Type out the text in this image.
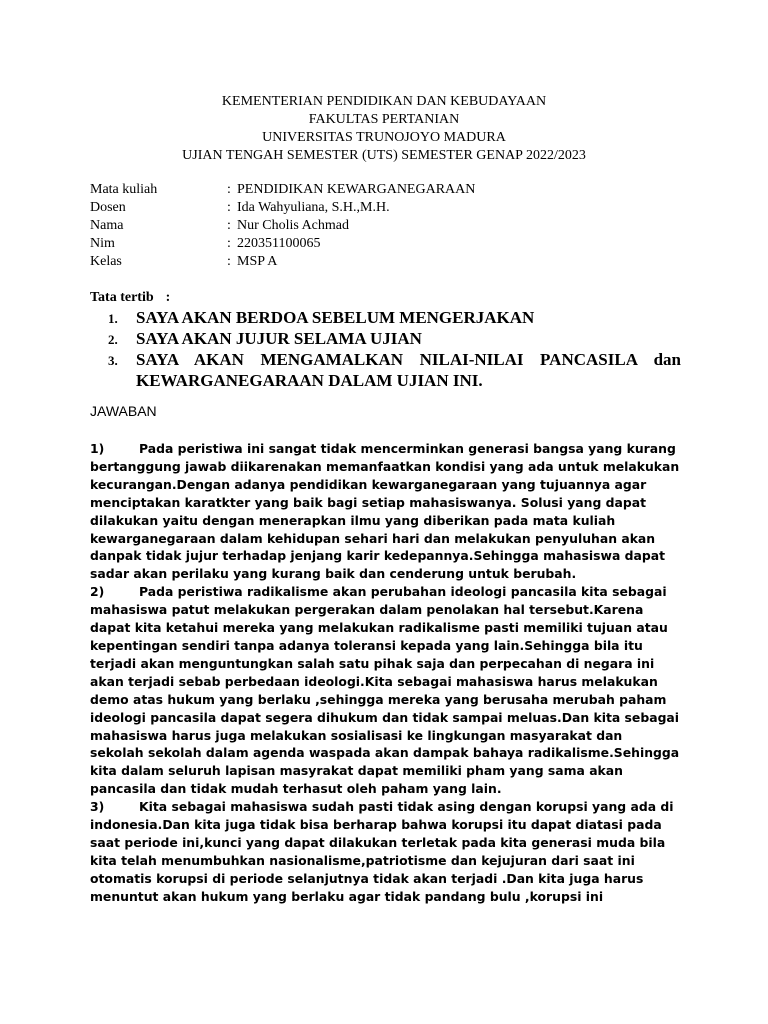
KEMENTERIAN PENDIDIKAN DAN KEBUDAYAAN
FAKULTAS PERTANIAN
UNIVERSITAS TRUNOJOYO MADURA
UJIAN TENGAH SEMESTER (UTS) SEMESTER GENAP 2022/2023
Mata kuliah	: PENDIDIKAN KEWARGANEGARAAN
Dosen	: Ida Wahyuliana, S.H.,M.H.
Nama	: Nur Cholis Achmad
Nim	: 220351100065
Kelas	: MSP A
Tata tertib :
1. SAYA AKAN BERDOA SEBELUM MENGERJAKAN
2. SAYA AKAN JUJUR SELAMA UJIAN
3. SAYA AKAN MENGAMALKAN NILAI-NILAI PANCASILA dan KEWARGANEGARAAN DALAM UJIAN INI.
JAWABAN
1)	Pada peristiwa ini sangat tidak mencerminkan generasi bangsa yang kurang bertanggung jawab diikarenakan memanfaatkan kondisi yang ada untuk melakukan kecurangan.Dengan adanya pendidikan kewarganegaraan yang tujuannya agar menciptakan karatkter yang baik bagi setiap mahasiswanya. Solusi yang dapat dilakukan yaitu dengan menerapkan ilmu yang diberikan pada mata kuliah kewarganegaraan dalam kehidupan sehari hari dan melakukan penyuluhan akan danpak tidak jujur terhadap jenjang karir kedepannya.Sehingga mahasiswa dapat sadar akan perilaku yang kurang baik dan cenderung untuk berubah.
2)	Pada peristiwa radikalisme akan perubahan ideologi pancasila kita sebagai mahasiswa patut melakukan pergerakan dalam penolakan hal tersebut.Karena dapat kita ketahui mereka yang melakukan radikalisme pasti memiliki tujuan atau kepentingan sendiri tanpa adanya toleransi kepada yang lain.Sehingga bila itu terjadi akan menguntungkan salah satu pihak saja dan perpecahan di negara ini akan terjadi sebab perbedaan ideologi.Kita sebagai mahasiswa harus melakukan demo atas hukum yang berlaku ,sehingga mereka yang berusaha merubah paham ideologi pancasila dapat segera dihukum dan tidak sampai meluas.Dan kita sebagai mahasiswa harus juga melakukan sosialisasi ke lingkungan masyarakat dan sekolah sekolah dalam agenda waspada akan dampak bahaya radikalisme.Sehingga kita dalam seluruh lapisan masyrakat dapat memiliki pham yang sama akan pancasila dan tidak mudah terhasut oleh paham yang lain.
3)	Kita sebagai mahasiswa sudah pasti tidak asing dengan korupsi yang ada di indonesia.Dan kita juga tidak bisa berharap bahwa korupsi itu dapat diatasi pada saat periode ini,kunci yang dapat dilakukan terletak pada kita generasi muda bila kita telah menumbuhkan nasionalisme,patriotisme dan kejujuran dari saat ini otomatis korupsi di periode selanjutnya tidak akan terjadi .Dan kita juga harus menuntut akan hukum yang berlaku agar tidak pandang bulu ,korupsi ini
